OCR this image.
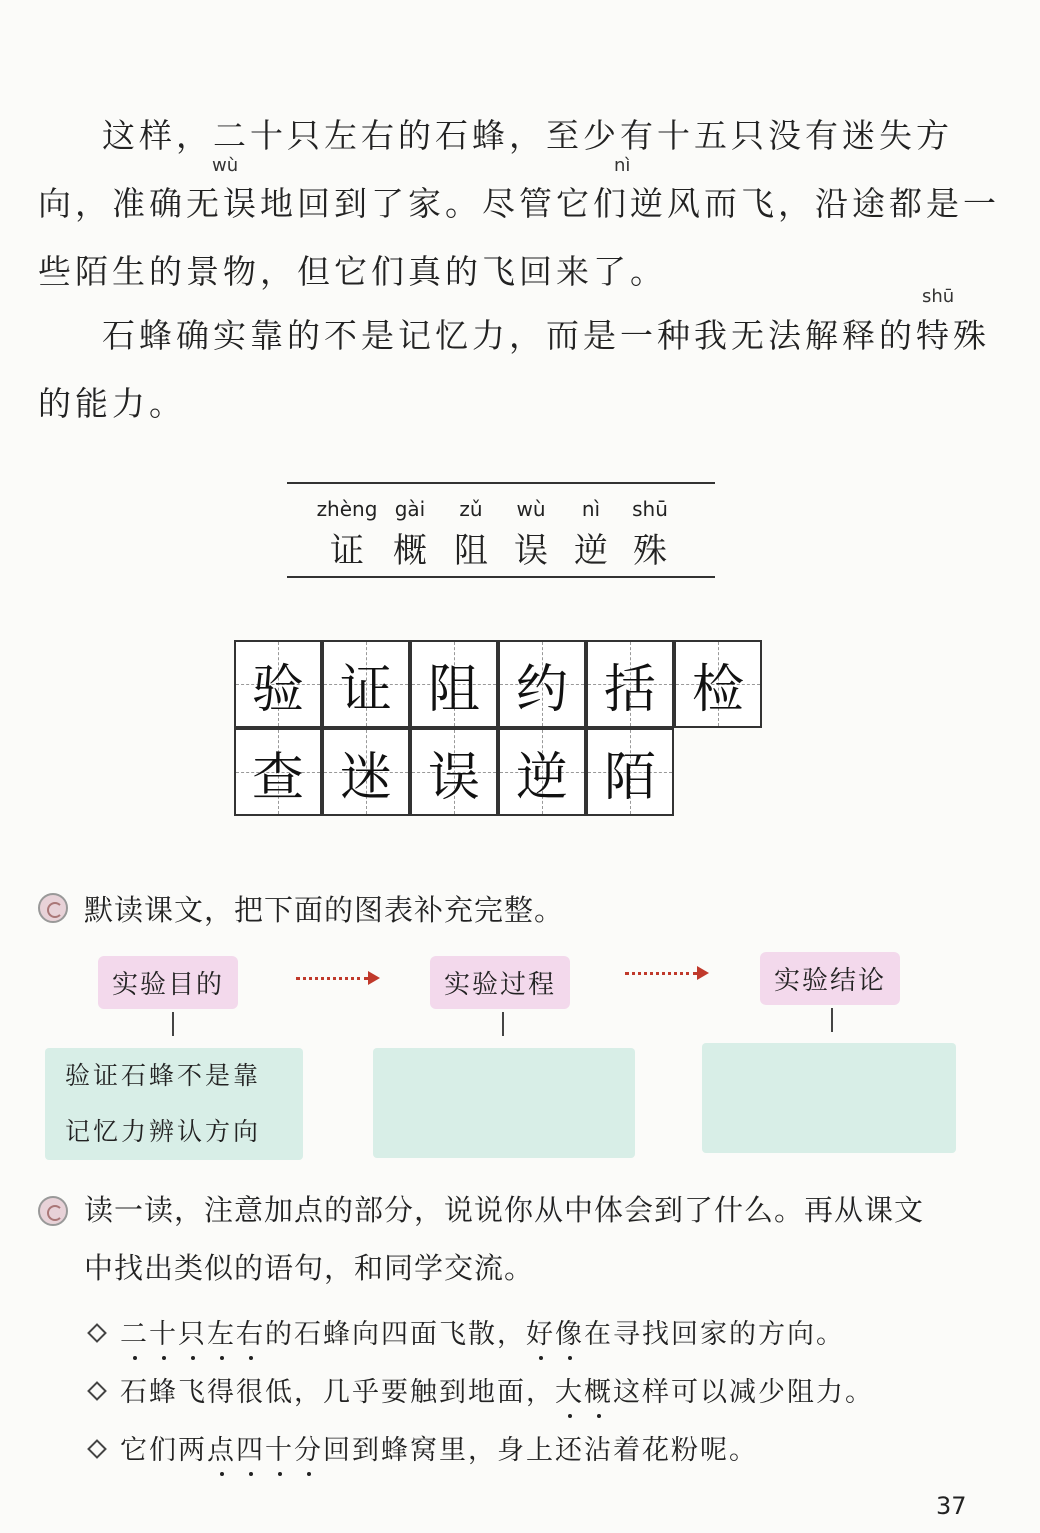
这样，二十只左右的石蜂，至少有十五只没有迷失方
wù	nì
向，准确无误地回到了家。尽管它们逆风而飞，沿途都是一
些陌生的景物，但它们真的飞回来了。
shū
石蜂确实靠的不是记忆力，而是一种我无法解释的特殊
的能力。
zhèng
证
gài
概
zǔ
阻
wù
误
nì
逆
shū
殊
验 证 阻 约 括 检
查 迷 误 逆 陌
默读课文，把下面的图表补充完整。
实验目的	实验过程	实验结论
验证石蜂不是靠
记忆力辨认方向
读一读，注意加点的部分，说说你从中体会到了什么。再从课文
中找出类似的语句，和同学交流。
二十只左右的石蜂向四面飞散，好像在寻找回家的方向。
石蜂飞得很低，几乎要触到地面，大概这样可以减少阻力。
它们两点四十分回到蜂窝里，身上还沾着花粉呢。
37
